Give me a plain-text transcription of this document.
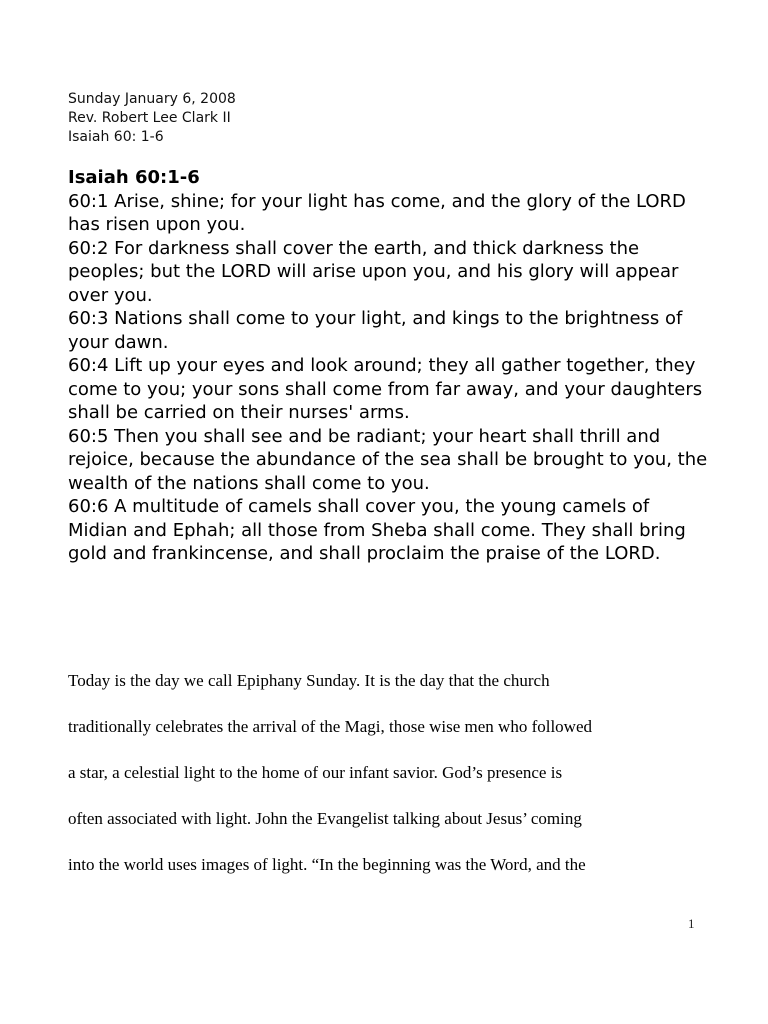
Sunday January 6, 2008
Rev. Robert Lee Clark II
Isaiah 60: 1-6
Isaiah 60:1-6
60:1 Arise, shine; for your light has come, and the glory of the LORD has risen upon you.
60:2 For darkness shall cover the earth, and thick darkness the peoples; but the LORD will arise upon you, and his glory will appear over you.
60:3 Nations shall come to your light, and kings to the brightness of your dawn.
60:4 Lift up your eyes and look around; they all gather together, they come to you; your sons shall come from far away, and your daughters shall be carried on their nurses' arms.
60:5 Then you shall see and be radiant; your heart shall thrill and rejoice, because the abundance of the sea shall be brought to you, the wealth of the nations shall come to you.
60:6 A multitude of camels shall cover you, the young camels of Midian and Ephah; all those from Sheba shall come. They shall bring gold and frankincense, and shall proclaim the praise of the LORD.
Today is the day we call Epiphany Sunday. It is the day that the church
traditionally celebrates the arrival of the Magi, those wise men who followed
a star, a celestial light to the home of our infant savior. God’s presence is
often associated with light. John the Evangelist talking about Jesus’ coming
into the world uses images of light. “In the beginning was the Word, and the
1
